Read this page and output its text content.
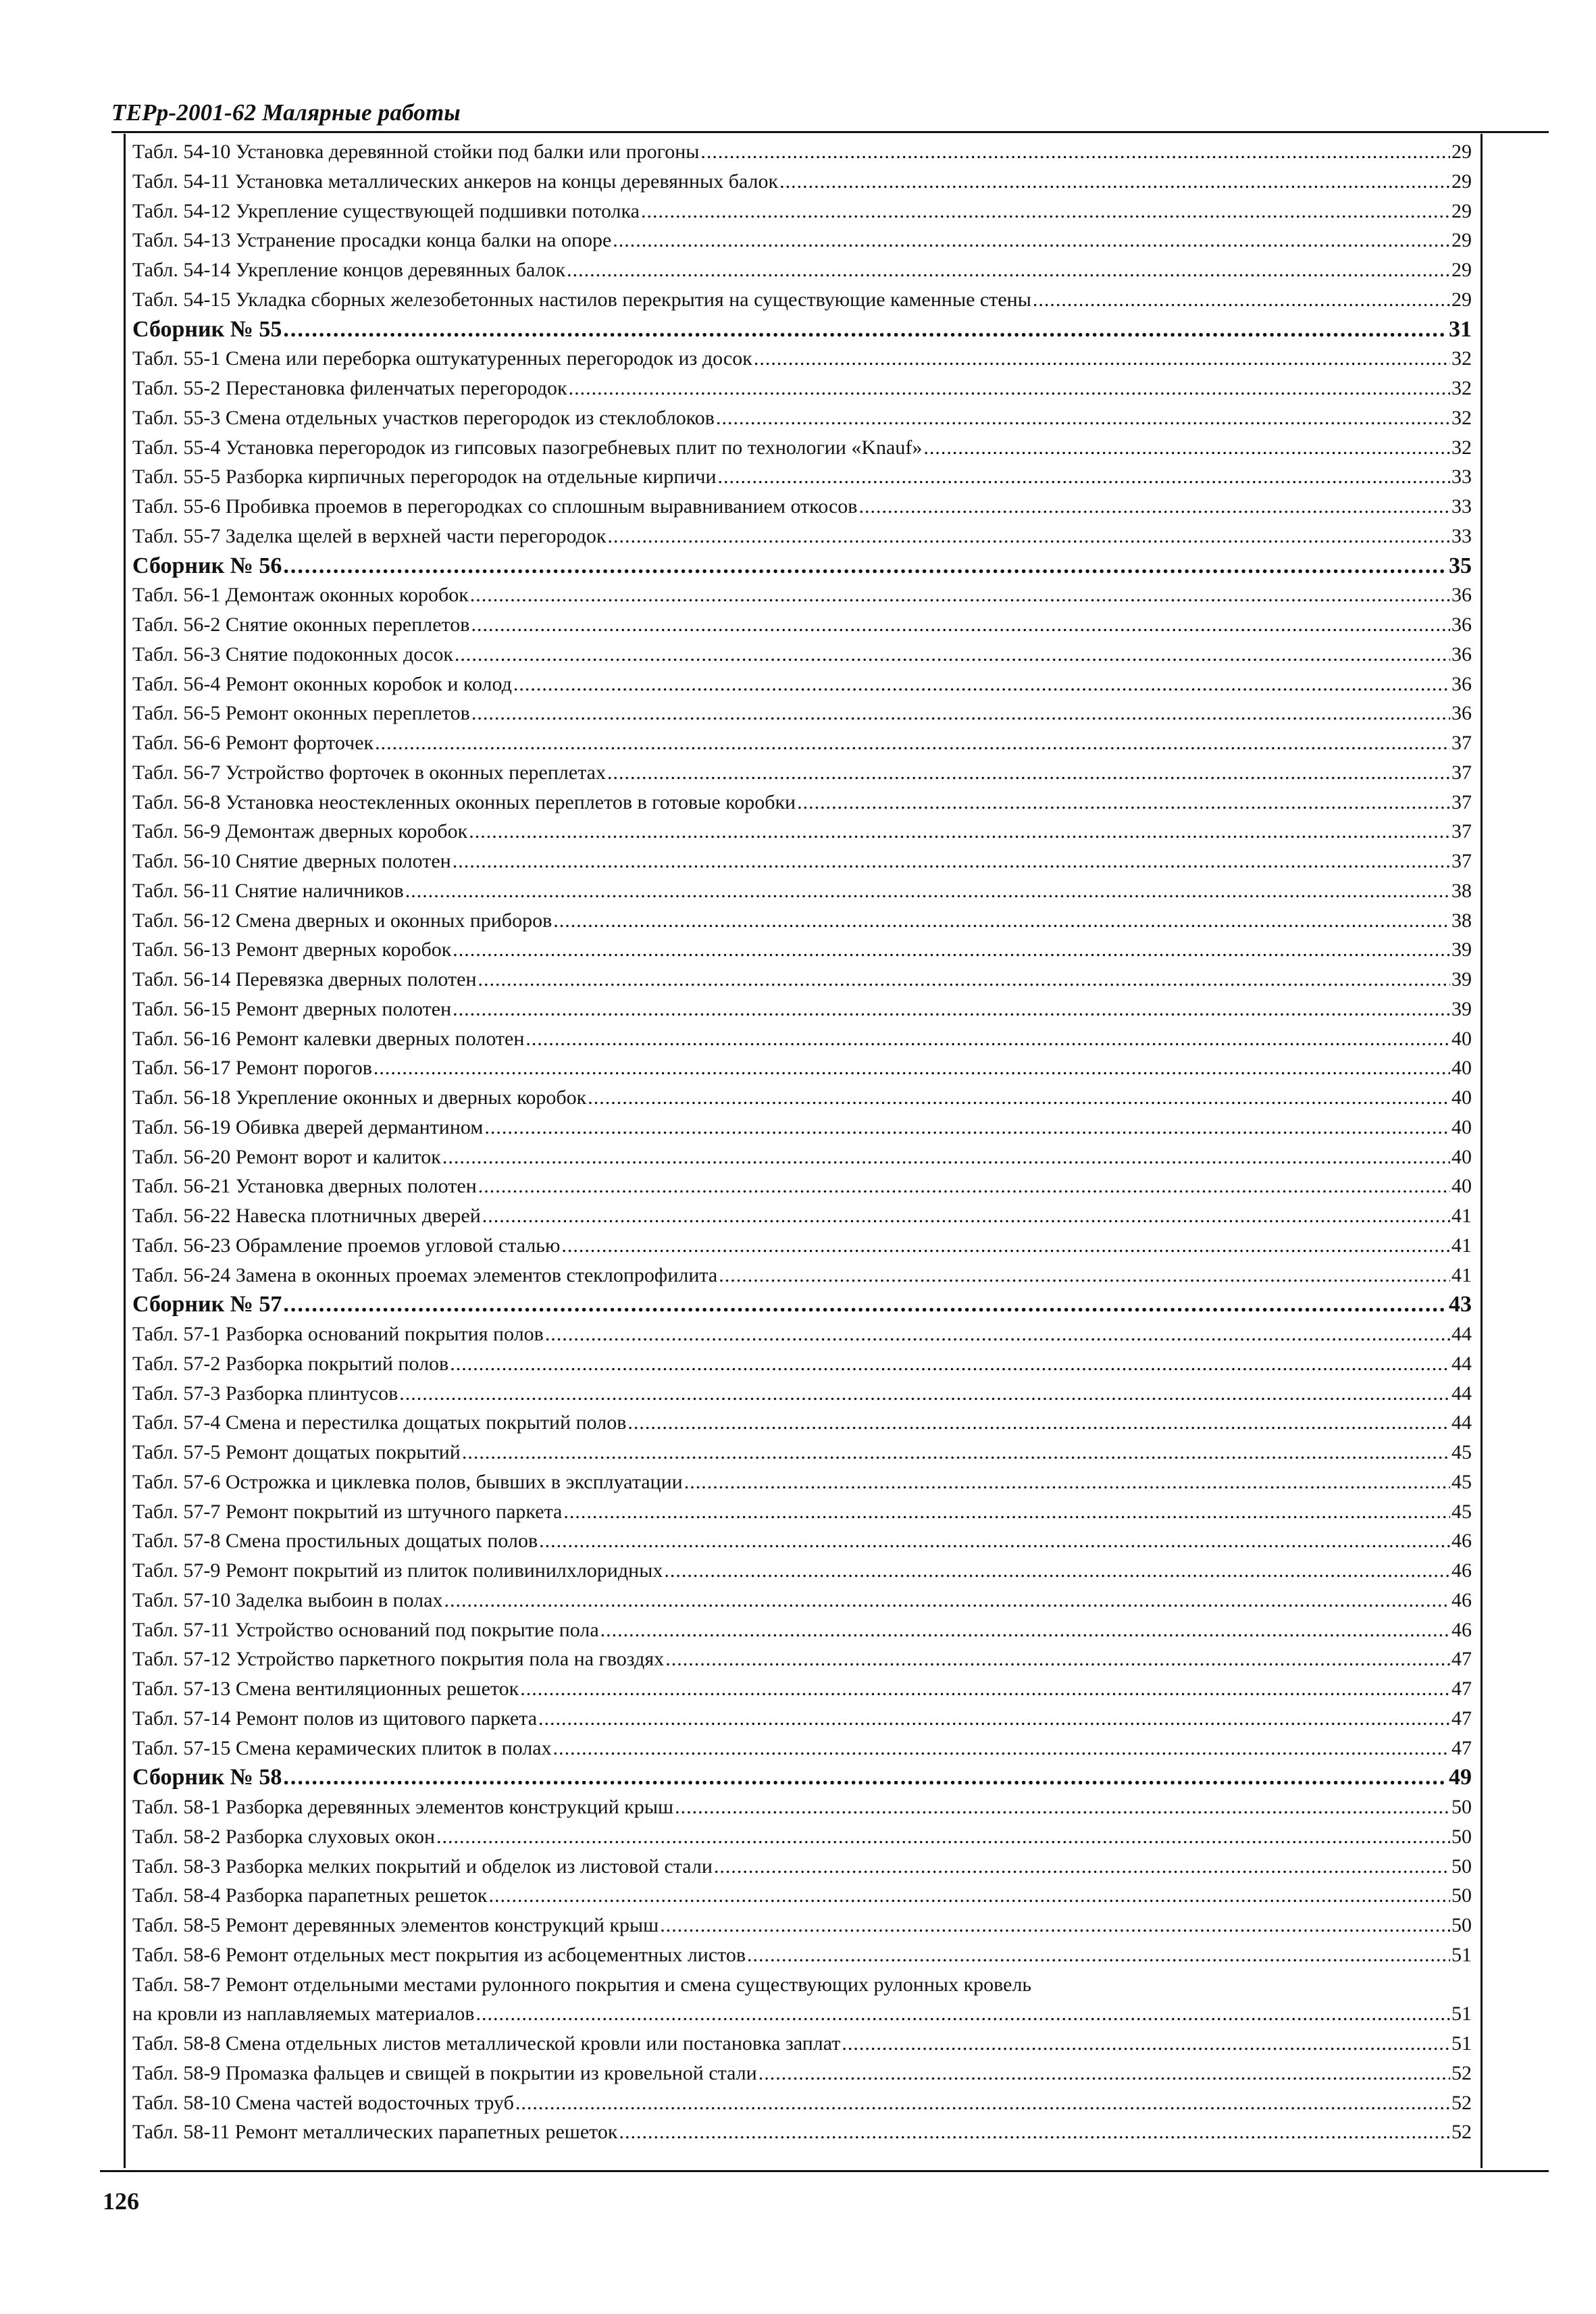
ТЕРр-2001-62 Малярные работы
Табл. 54-10 Установка деревянной стойки под балки или прогоны .....	29
Табл. 54-11 Установка металлических анкеров на концы деревянных балок .....	29
Табл. 54-12 Укрепление существующей подшивки потолка .....	29
Табл. 54-13 Устранение просадки конца балки на опоре .....	29
Табл. 54-14 Укрепление концов деревянных балок .....	29
Табл. 54-15 Укладка сборных железобетонных настилов перекрытия на существующие каменные стены .....	29
Сборник № 55 .....	31
Табл. 55-1 Смена или переборка оштукатуренных перегородок из досок .....	32
Табл. 55-2 Перестановка филенчатых перегородок .....	32
Табл. 55-3 Смена отдельных участков перегородок из стеклоблоков .....	32
Табл. 55-4 Установка перегородок из гипсовых пазогребневых плит по технологии «Knauf» .....	32
Табл. 55-5 Разборка кирпичных перегородок на отдельные кирпичи .....	33
Табл. 55-6 Пробивка проемов в перегородках со сплошным выравниванием откосов .....	33
Табл. 55-7 Заделка щелей в верхней части перегородок .....	33
Сборник № 56 .....	35
Табл. 56-1 Демонтаж оконных коробок .....	36
Табл. 56-2 Снятие оконных переплетов .....	36
Табл. 56-3 Снятие подоконных досок .....	36
Табл. 56-4 Ремонт оконных коробок и колод .....	36
Табл. 56-5 Ремонт оконных переплетов .....	36
Табл. 56-6 Ремонт форточек .....	37
Табл. 56-7 Устройство форточек в оконных переплетах .....	37
Табл. 56-8 Установка неостекленных оконных переплетов в готовые коробки .....	37
Табл. 56-9 Демонтаж дверных коробок .....	37
Табл. 56-10 Снятие дверных полотен .....	37
Табл. 56-11 Снятие наличников .....	38
Табл. 56-12 Смена дверных и оконных приборов .....	38
Табл. 56-13 Ремонт дверных коробок .....	39
Табл. 56-14 Перевязка дверных полотен .....	39
Табл. 56-15 Ремонт дверных полотен .....	39
Табл. 56-16 Ремонт калевки дверных полотен .....	40
Табл. 56-17 Ремонт порогов .....	40
Табл. 56-18 Укрепление оконных и дверных коробок .....	40
Табл. 56-19 Обивка дверей дермантином .....	40
Табл. 56-20 Ремонт ворот и калиток .....	40
Табл. 56-21 Установка дверных полотен .....	40
Табл. 56-22 Навеска плотничных дверей .....	41
Табл. 56-23 Обрамление проемов угловой сталью .....	41
Табл. 56-24 Замена в оконных проемах элементов стеклопрофилита .....	41
Сборник № 57 .....	43
Табл. 57-1 Разборка оснований покрытия полов .....	44
Табл. 57-2 Разборка покрытий полов .....	44
Табл. 57-3 Разборка плинтусов .....	44
Табл. 57-4 Смена и перестилка дощатых покрытий полов .....	44
Табл. 57-5 Ремонт дощатых покрытий .....	45
Табл. 57-6 Острожка и циклевка полов, бывших в эксплуатации .....	45
Табл. 57-7 Ремонт покрытий из штучного паркета .....	45
Табл. 57-8 Смена простильных дощатых полов .....	46
Табл. 57-9 Ремонт покрытий из плиток поливинилхлоридных .....	46
Табл. 57-10 Заделка выбоин в полах .....	46
Табл. 57-11 Устройство оснований под покрытие пола .....	46
Табл. 57-12 Устройство паркетного покрытия пола на гвоздях .....	47
Табл. 57-13 Смена вентиляционных решеток .....	47
Табл. 57-14 Ремонт полов из щитового паркета .....	47
Табл. 57-15 Смена керамических плиток в полах .....	47
Сборник № 58 .....	49
Табл. 58-1 Разборка деревянных элементов конструкций крыш .....	50
Табл. 58-2 Разборка слуховых окон .....	50
Табл. 58-3 Разборка мелких покрытий и обделок из листовой стали .....	50
Табл. 58-4 Разборка парапетных решеток .....	50
Табл. 58-5 Ремонт деревянных элементов конструкций крыш .....	50
Табл. 58-6 Ремонт отдельных мест покрытия из асбоцементных листов .....	51
Табл. 58-7 Ремонт отдельными местами рулонного покрытия и смена существующих рулонных кровель
на кровли из наплавляемых материалов .....	51
Табл. 58-8 Смена отдельных листов металлической кровли или постановка заплат .....	51
Табл. 58-9 Промазка фальцев и свищей в покрытии из кровельной стали .....	52
Табл. 58-10 Смена частей водосточных труб .....	52
Табл. 58-11 Ремонт металлических парапетных решеток .....	52
126
